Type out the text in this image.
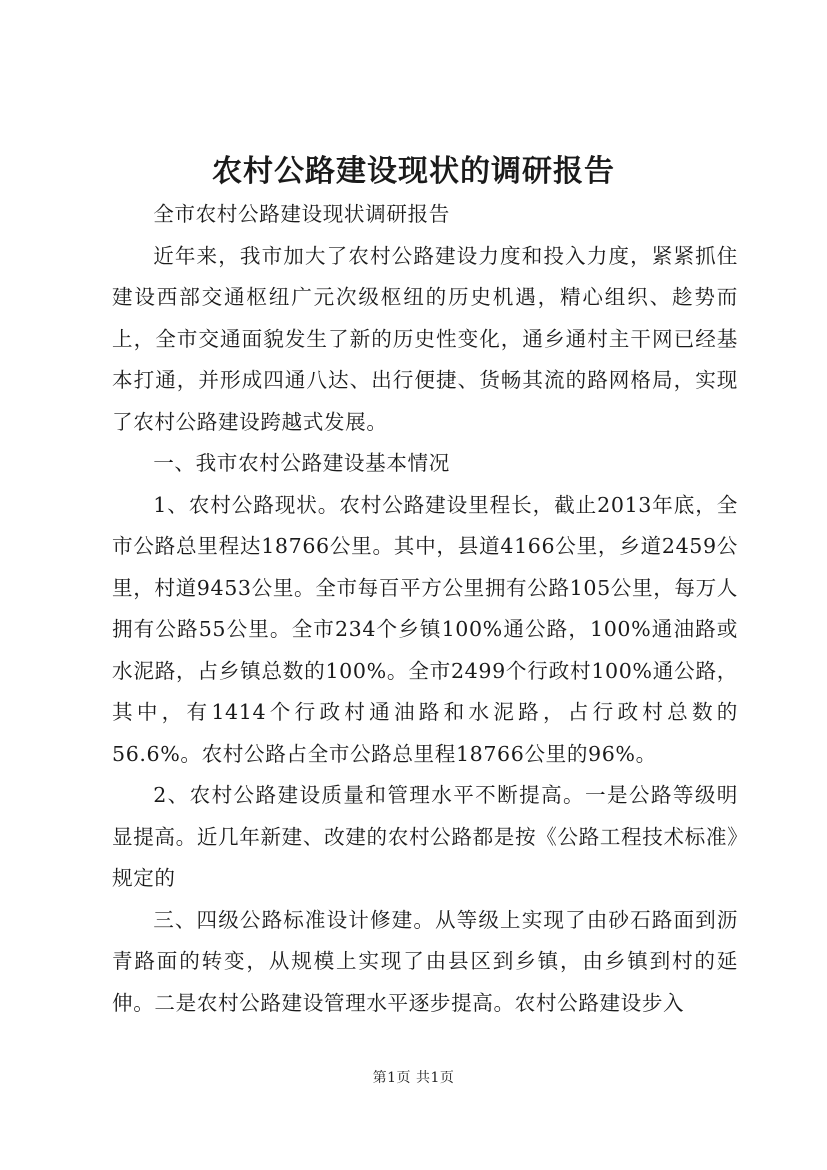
农村公路建设现状的调研报告

全市农村公路建设现状调研报告

近年来，我市加大了农村公路建设力度和投入力度，紧紧抓住建设西部交通枢纽广元次级枢纽的历史机遇，精心组织、趁势而上，全市交通面貌发生了新的历史性变化，通乡通村主干网已经基本打通，并形成四通八达、出行便捷、货畅其流的路网格局，实现了农村公路建设跨越式发展。

一、我市农村公路建设基本情况

1、农村公路现状。农村公路建设里程长，截止2013年底，全市公路总里程达18766公里。其中，县道4166公里，乡道2459公里，村道9453公里。全市每百平方公里拥有公路105公里，每万人拥有公路55公里。全市234个乡镇100%通公路，100%通油路或水泥路，占乡镇总数的100%。全市2499个行政村100%通公路，其中，有1414个行政村通油路和水泥路，占行政村总数的56.6%。农村公路占全市公路总里程18766公里的96%。

2、农村公路建设质量和管理水平不断提高。一是公路等级明显提高。近几年新建、改建的农村公路都是按《公路工程技术标准》规定的

三、四级公路标准设计修建。从等级上实现了由砂石路面到沥青路面的转变，从规模上实现了由县区到乡镇，由乡镇到村的延伸。二是农村公路建设管理水平逐步提高。农村公路建设步入

第1页 共1页
